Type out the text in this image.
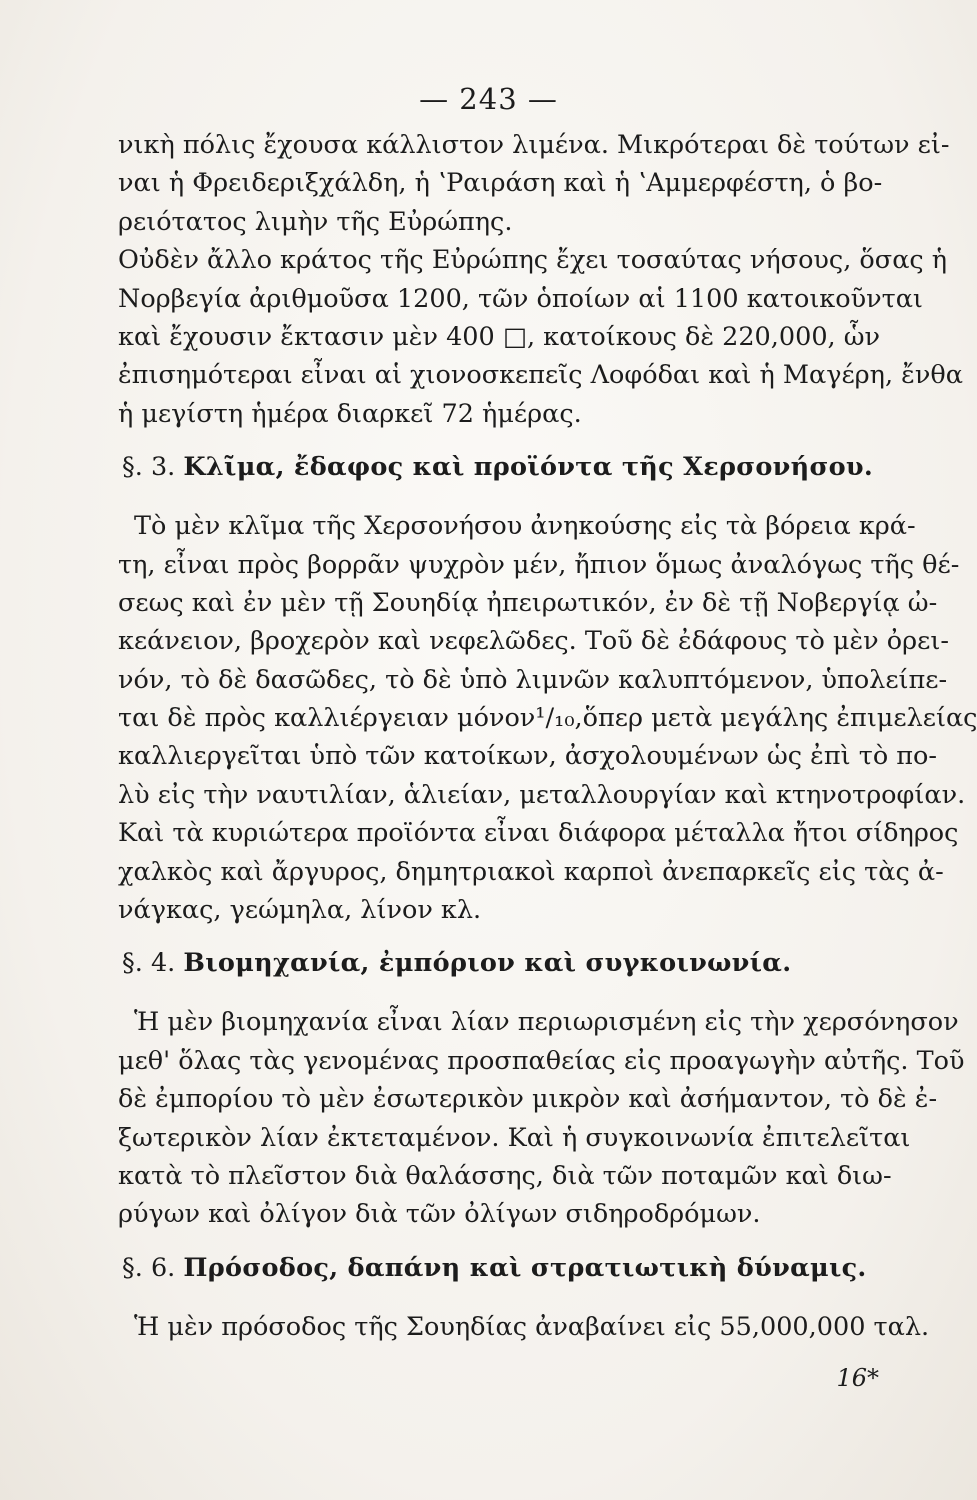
— 243 —
νικὴ πόλις ἔχουσα κάλλιστον λιμένα. Μικρότεραι δὲ τούτων εἰ-
ναι ἡ Φρειδεριξχάλδη, ἡ ʽΡαιράση καὶ ἡ ʽΑμμερφέστη, ὁ βο-
ρειότατος λιμὴν τῆς Εὐρώπης.
Οὐδὲν ἄλλο κράτος τῆς Εὐρώπης ἔχει τοσαύτας νήσους, ὅσας ἡ
Νορβεγία ἀριθμοῦσα 1200, τῶν ὁποίων αἱ 1100 κατοικοῦνται
καὶ ἔχουσιν ἔκτασιν μὲν 400 □, κατοίκους δὲ 220,000, ὧν
ἐπισημότεραι εἶναι αἱ χιονοσκεπεῖς Λοφόδαι καὶ ἡ Μαγέρη, ἔνθα
ἡ μεγίστη ἡμέρα διαρκεῖ 72 ἡμέρας.
§. 3. Κλῖμα, ἔδαφος καὶ προϊόντα τῆς Χερσονήσου.
Τὸ μὲν κλῖμα τῆς Χερσονήσου ἀνηκούσης εἰς τὰ βόρεια κρά-
τη, εἶναι πρὸς βορρᾶν ψυχρὸν μέν, ἤπιον ὅμως ἀναλόγως τῆς θέ-
σεως καὶ ἐν μὲν τῇ Σουηδίᾳ ἠπειρωτικόν, ἐν δὲ τῇ Νοβεργίᾳ ὠ-
κεάνειον, βροχερὸν καὶ νεφελῶδες. Τοῦ δὲ ἐδάφους τὸ μὲν ὀρει-
νόν, τὸ δὲ δασῶδες, τὸ δὲ ὑπὸ λιμνῶν καλυπτόμενον, ὑπολείπε-
ται δὲ πρὸς καλλιέργειαν μόνον¹/₁₀,ὅπερ μετὰ μεγάλης ἐπιμελείας
καλλιεργεῖται ὑπὸ τῶν κατοίκων, ἀσχολουμένων ὡς ἐπὶ τὸ πο-
λὺ εἰς τὴν ναυτιλίαν, ἁλιείαν, μεταλλουργίαν καὶ κτηνοτροφίαν.
Καὶ τὰ κυριώτερα προϊόντα εἶναι διάφορα μέταλλα ἤτοι σίδηρος
χαλκὸς καὶ ἄργυρος, δημητριακοὶ καρποὶ ἀνεπαρκεῖς εἰς τὰς ἀ-
νάγκας, γεώμηλα, λίνον κλ.
§. 4. Βιομηχανία, ἐμπόριον καὶ συγκοινωνία.
Ἡ μὲν βιομηχανία εἶναι λίαν περιωρισμένη εἰς τὴν χερσόνησον
μεθ' ὅλας τὰς γενομένας προσπαθείας εἰς προαγωγὴν αὐτῆς. Τοῦ
δὲ ἐμπορίου τὸ μὲν ἐσωτερικὸν μικρὸν καὶ ἀσήμαντον, τὸ δὲ ἐ-
ξωτερικὸν λίαν ἐκτεταμένον. Καὶ ἡ συγκοινωνία ἐπιτελεῖται
κατὰ τὸ πλεῖστον διὰ θαλάσσης, διὰ τῶν ποταμῶν καὶ διω-
ρύγων καὶ ὀλίγον διὰ τῶν ὀλίγων σιδηροδρόμων.
§. 6. Πρόσοδος, δαπάνη καὶ στρατιωτικὴ δύναμις.
Ἡ μὲν πρόσοδος τῆς Σουηδίας ἀναβαίνει εἰς 55,000,000 ταλ.
16*
